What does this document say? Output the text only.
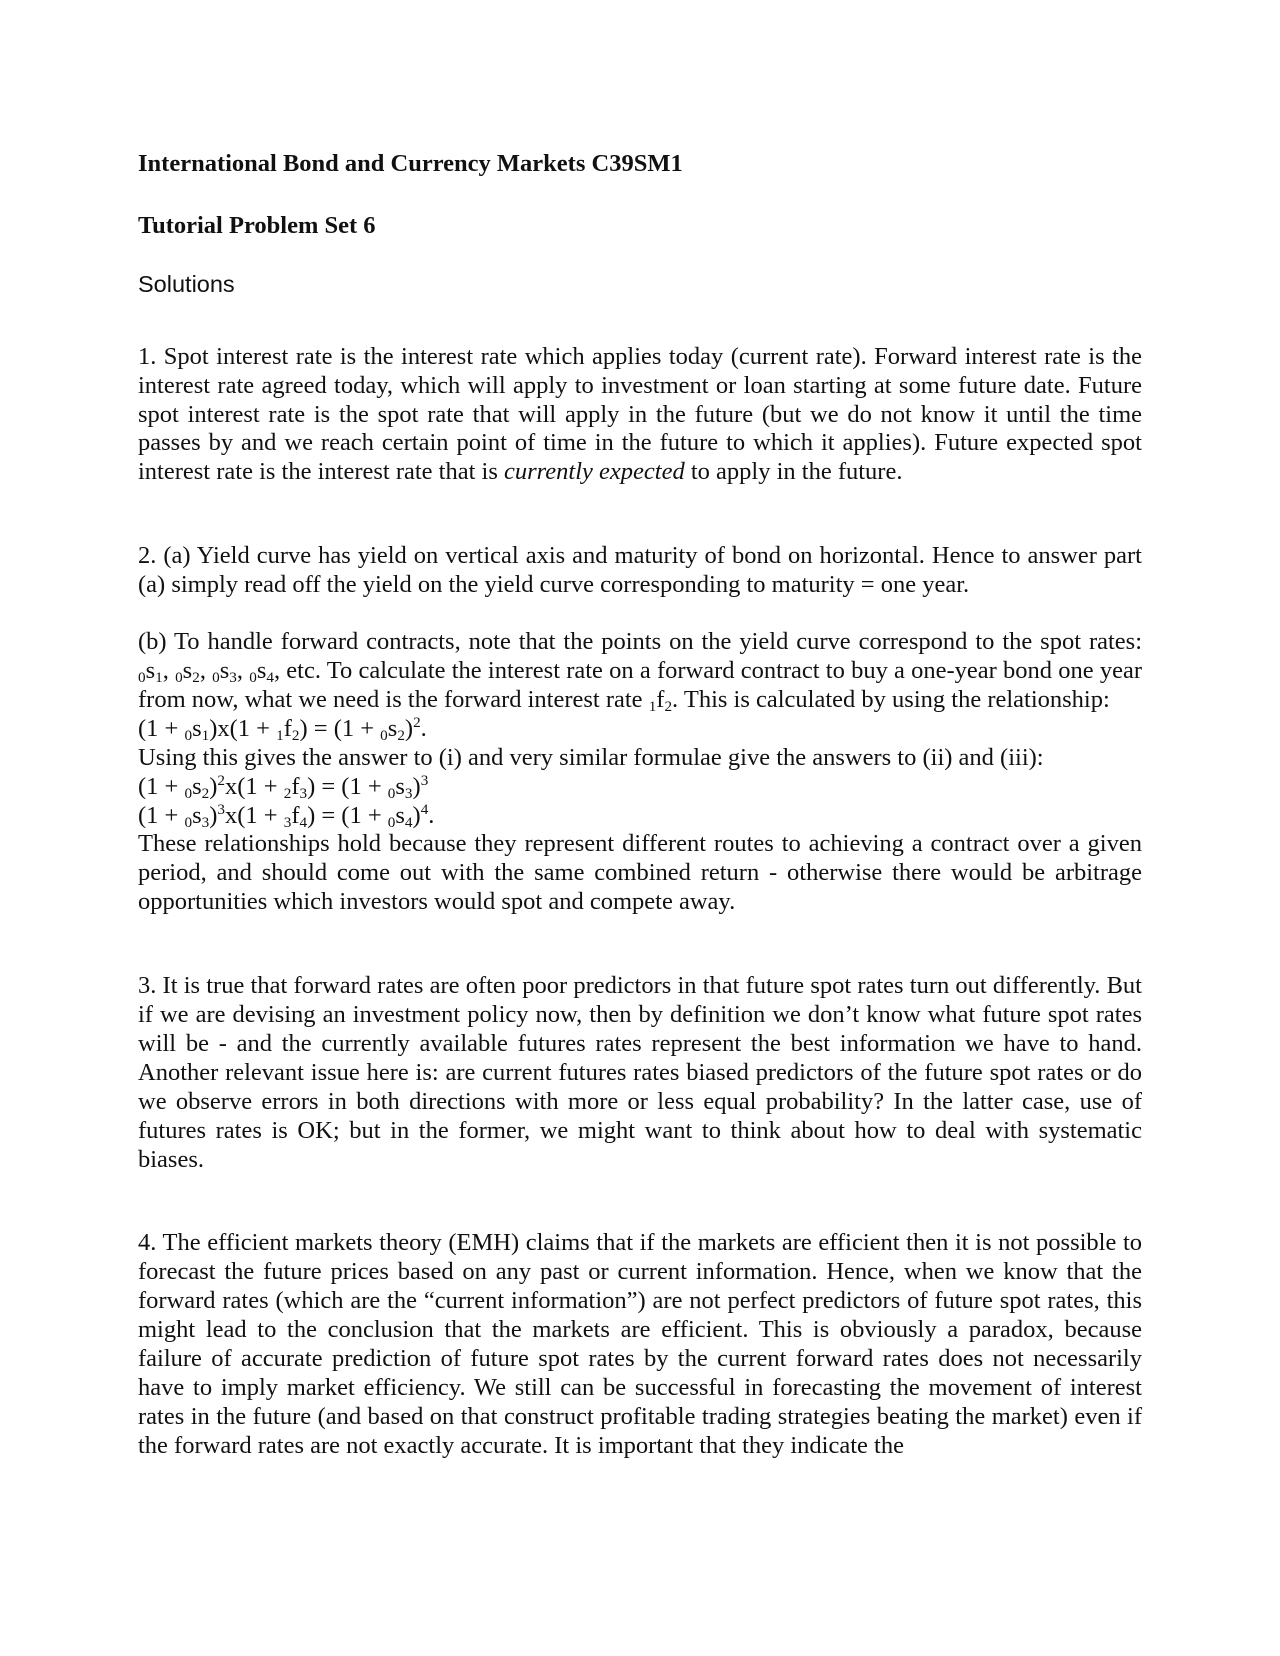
International Bond and Currency Markets C39SM1
Tutorial Problem Set 6
Solutions

1. Spot interest rate is the interest rate which applies today (current rate). Forward interest rate is the interest rate agreed today, which will apply to investment or loan starting at some future date. Future spot interest rate is the spot rate that will apply in the future (but we do not know it until the time passes by and we reach certain point of time in the future to which it applies). Future expected spot interest rate is the interest rate that is currently expected to apply in the future.

2. (a) Yield curve has yield on vertical axis and maturity of bond on horizontal. Hence to answer part (a) simply read off the yield on the yield curve corresponding to maturity = one year.

(b) To handle forward contracts, note that the points on the yield curve correspond to the spot rates: $_0s_1$, $_0s_2$, $_0s_3$, $_0s_4$, etc. To calculate the interest rate on a forward contract to buy a one-year bond one year from now, what we need is the forward interest rate $_1f_2$. This is calculated by using the relationship:

$(1 + _0s_1)x(1 + _1f_2) = (1 + _0s_2)^2$.
Using this gives the answer to (i) and very similar formulae give the answers to (ii) and (iii):
$(1 + _0s_2)^2x(1 + _2f_3) = (1 + _0s_3)^3$
$(1 + _0s_3)^3x(1 + _3f_4) = (1 + _0s_4)^4$.

These relationships hold because they represent different routes to achieving a contract over a given period, and should come out with the same combined return - otherwise there would be arbitrage opportunities which investors would spot and compete away.

3. It is true that forward rates are often poor predictors in that future spot rates turn out differently. But if we are devising an investment policy now, then by definition we don’t know what future spot rates will be - and the currently available futures rates represent the best information we have to hand. Another relevant issue here is: are current futures rates biased predictors of the future spot rates or do we observe errors in both directions with more or less equal probability? In the latter case, use of futures rates is OK; but in the former, we might want to think about how to deal with systematic biases.

4. The efficient markets theory (EMH) claims that if the markets are efficient then it is not possible to forecast the future prices based on any past or current information. Hence, when we know that the forward rates (which are the “current information”) are not perfect predictors of future spot rates, this might lead to the conclusion that the markets are efficient. This is obviously a paradox, because failure of accurate prediction of future spot rates by the current forward rates does not necessarily have to imply market efficiency. We still can be successful in forecasting the movement of interest rates in the future (and based on that construct profitable trading strategies beating the market) even if the forward rates are not exactly accurate. It is important that they indicate the
